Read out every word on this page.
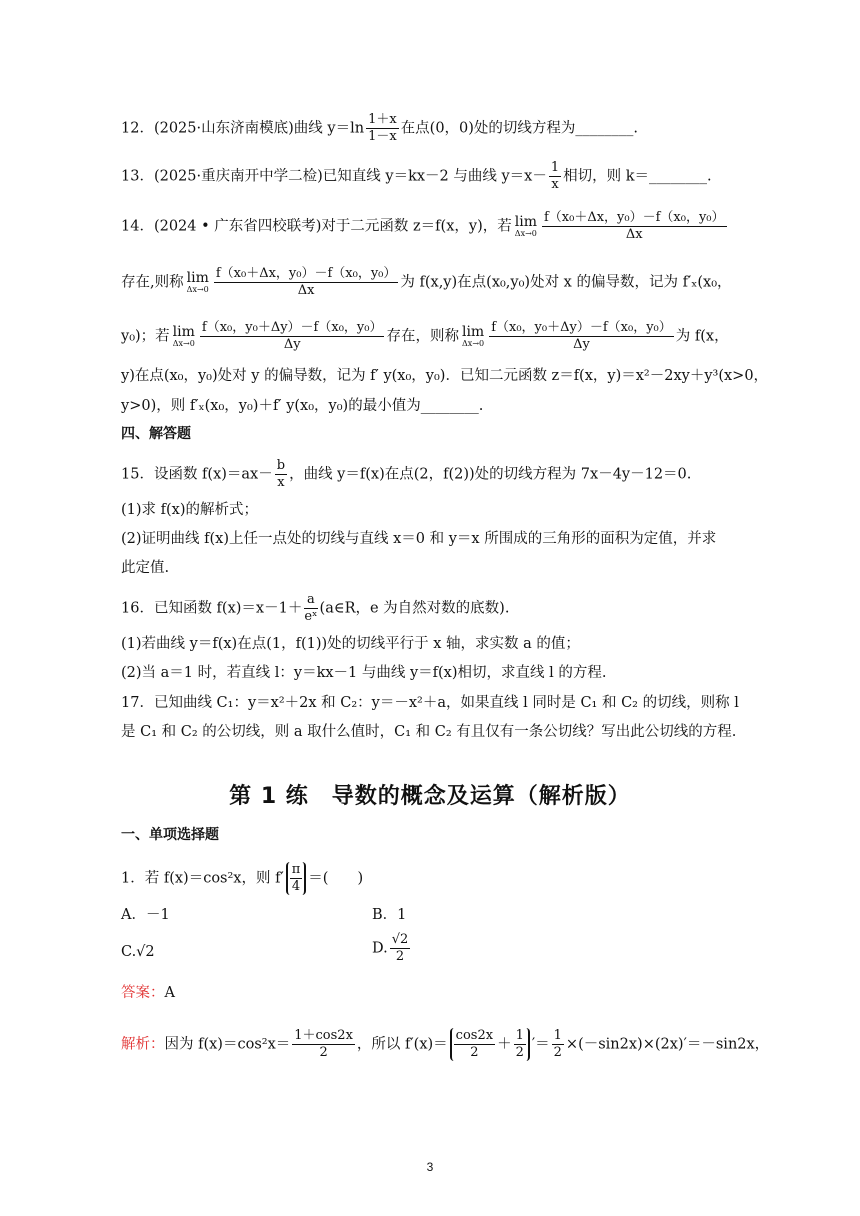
12．(2025·山东济南模底)曲线 $y=\ln \frac{1+x}{1-x}$ 在点(0，0)处的切线方程为________.
13．(2025·重庆南开中学二检)已知直线 y＝kx－2 与曲线 $y=x- \frac{1}{x}$ 相切，则 k＝________.
14．(2024 • 广东省四校联考)对于二元函数 z＝f(x，y)，若 lim
$\Delta x\to 0 \frac{\text{f（x₀＋Δx，y₀）－f（x₀，y₀）}}{\Delta x}$
存在,则称 lim
$\Delta x\to 0 \frac{\text{f（x₀＋Δx，y₀）－f（x₀，y₀）}}{\Delta x}$ 为 f(x,y)在点(x₀,y₀)处对 x 的偏导数，记为 f′ₓ(x₀，
y₀)；若 lim
$\Delta x\to 0 \frac{\text{f（x₀，y₀＋Δy）－f（x₀，y₀）}}{\Delta y}$ 存在，则称 lim
$\Delta x\to 0 \frac{\text{f（x₀，y₀＋Δy）－f（x₀，y₀）}}{\Delta y}$ 为 f(x，
y)在点(x₀，y₀)处对 y 的偏导数，记为 f′ y(x₀，y₀)．已知二元函数 z＝f(x，y)＝x²－2xy＋y³(x>0，
y>0)，则 f′ₓ(x₀，y₀)＋f′ y(x₀，y₀)的最小值为________.
四、解答题
15．设函数 $f(x)=ax- \frac{b}{x}$ ，曲线 y＝f(x)在点(2，f(2))处的切线方程为 7x－4y－12＝0.
(1)求 f(x)的解析式；
(2)证明曲线 f(x)上任一点处的切线与直线 x＝0 和 y＝x 所围成的三角形的面积为定值，并求
此定值.
16．已知函数 $f(x)=x-1+ \frac{a}{\text{eˣ}}$ (a∈R，e 为自然对数的底数).
(1)若曲线 y＝f(x)在点(1，f(1))处的切线平行于 x 轴，求实数 a 的值；
(2)当 a＝1 时，若直线 l：y＝kx－1 与曲线 y＝f(x)相切，求直线 l 的方程.
17．已知曲线 C₁：y＝x²＋2x 和 C₂：y＝－x²＋a，如果直线 l 同时是 C₁ 和 C₂ 的切线，则称 l
是 C₁ 和 C₂ 的公切线，则 a 取什么值时，C₁ 和 C₂ 有且仅有一条公切线？写出此公切线的方程.
第 1 练　导数的概念及运算（解析版）
一、单项选择题
1．若 f(x)＝cos²x，则 $f' \frac{\pi}{4}$ ＝(　　)
A．－1	B．1
C.√2	D. $\frac{√2}{2}$
答案：A
解析：因为 $f(x)=\cos^2x= \frac{1+\cos 2x}{2}$ ，所以 $f'(x)= \frac{\cos 2x}{2} + \frac{1}{2}$ ′＝ $\frac{1}{2} \times(-\sin 2x)\times(2x)'=-\sin 2x$，
3
